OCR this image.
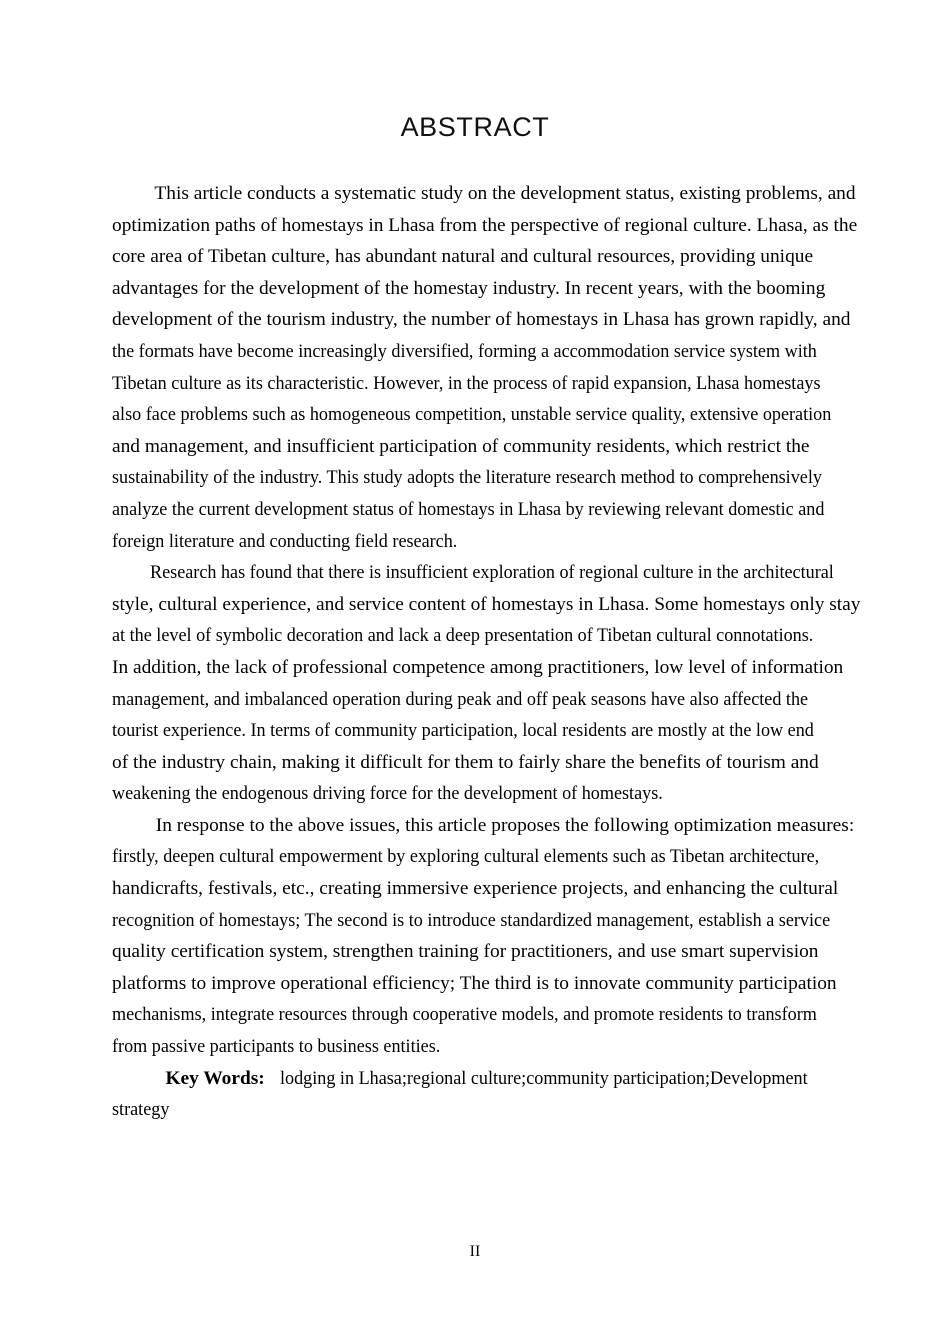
ABSTRACT
This article conducts a systematic study on the development status, existing problems, and
optimization paths of homestays in Lhasa from the perspective of regional culture. Lhasa, as the
core area of Tibetan culture, has abundant natural and cultural resources, providing unique
advantages for the development of the homestay industry. In recent years, with the booming
development of the tourism industry, the number of homestays in Lhasa has grown rapidly, and
the formats have become increasingly diversified, forming a accommodation service system with
Tibetan culture as its characteristic. However, in the process of rapid expansion, Lhasa homestays
also face problems such as homogeneous competition, unstable service quality, extensive operation
and management, and insufficient participation of community residents, which restrict the
sustainability of the industry. This study adopts the literature research method to comprehensively
analyze the current development status of homestays in Lhasa by reviewing relevant domestic and
foreign literature and conducting field research.
Research has found that there is insufficient exploration of regional culture in the architectural
style, cultural experience, and service content of homestays in Lhasa. Some homestays only stay
at the level of symbolic decoration and lack a deep presentation of Tibetan cultural connotations.
In addition, the lack of professional competence among practitioners, low level of information
management, and imbalanced operation during peak and off peak seasons have also affected the
tourist experience. In terms of community participation, local residents are mostly at the low end
of the industry chain, making it difficult for them to fairly share the benefits of tourism and
weakening the endogenous driving force for the development of homestays.
In response to the above issues, this article proposes the following optimization measures:
firstly, deepen cultural empowerment by exploring cultural elements such as Tibetan architecture,
handicrafts, festivals, etc., creating immersive experience projects, and enhancing the cultural
recognition of homestays; The second is to introduce standardized management, establish a service
quality certification system, strengthen training for practitioners, and use smart supervision
platforms to improve operational efficiency; The third is to innovate community participation
mechanisms, integrate resources through cooperative models, and promote residents to transform
from passive participants to business entities.
Key Words: lodging in Lhasa;regional culture;community participation;Development
strategy
II
